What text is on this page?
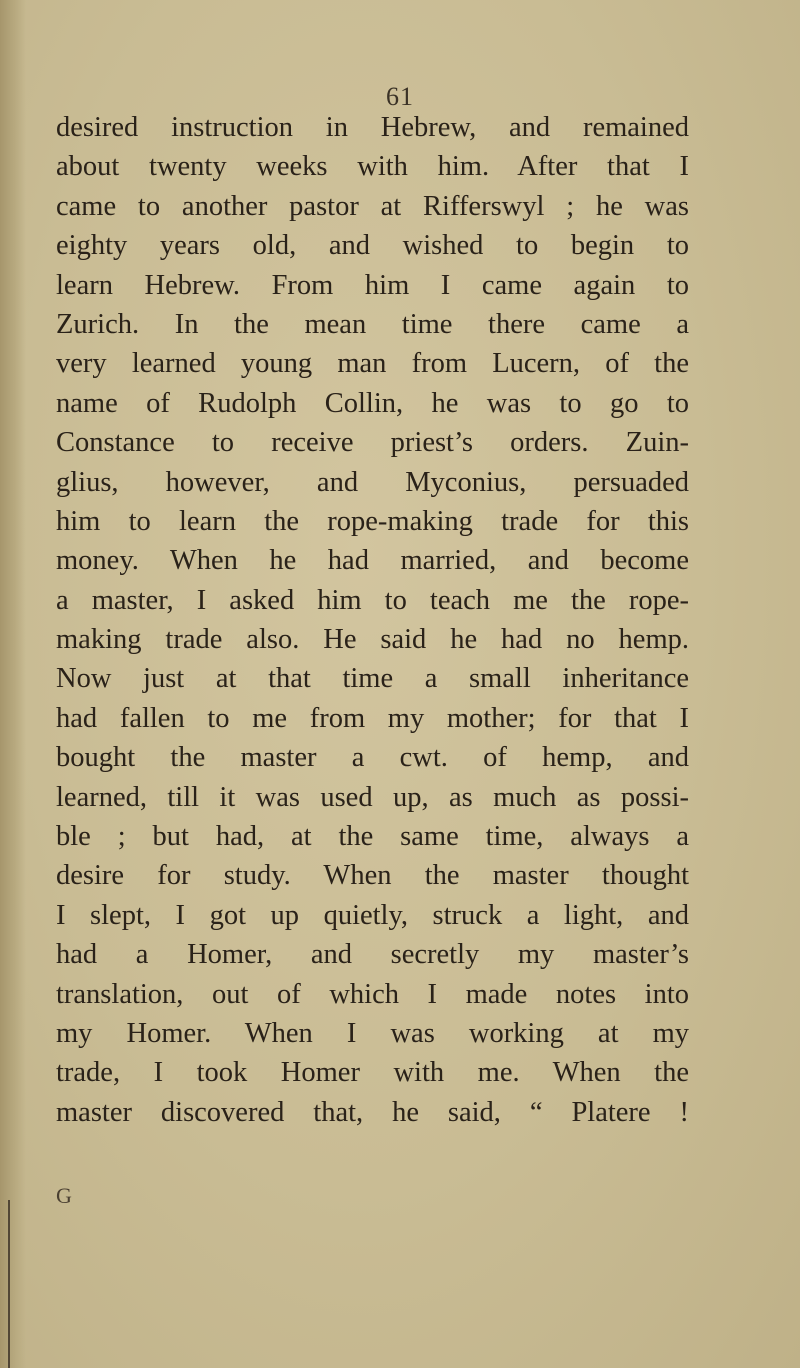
61
desired instruction in Hebrew, and remained
about twenty weeks with him. After that I
came to another pastor at Rifferswyl ; he was
eighty years old, and wished to begin to
learn Hebrew. From him I came again to
Zurich. In the mean time there came a
very learned young man from Lucern, of the
name of Rudolph Collin, he was to go to
Constance to receive priest’s orders. Zuin-
glius, however, and Myconius, persuaded
him to learn the rope-making trade for this
money. When he had married, and become
a master, I asked him to teach me the rope-
making trade also. He said he had no hemp.
Now just at that time a small inheritance
had fallen to me from my mother; for that I
bought the master a cwt. of hemp, and
learned, till it was used up, as much as possi-
ble ; but had, at the same time, always a
desire for study. When the master thought
I slept, I got up quietly, struck a light, and
had a Homer, and secretly my master’s
translation, out of which I made notes into
my Homer. When I was working at my
trade, I took Homer with me. When the
master discovered that, he said, “ Platere !
G
